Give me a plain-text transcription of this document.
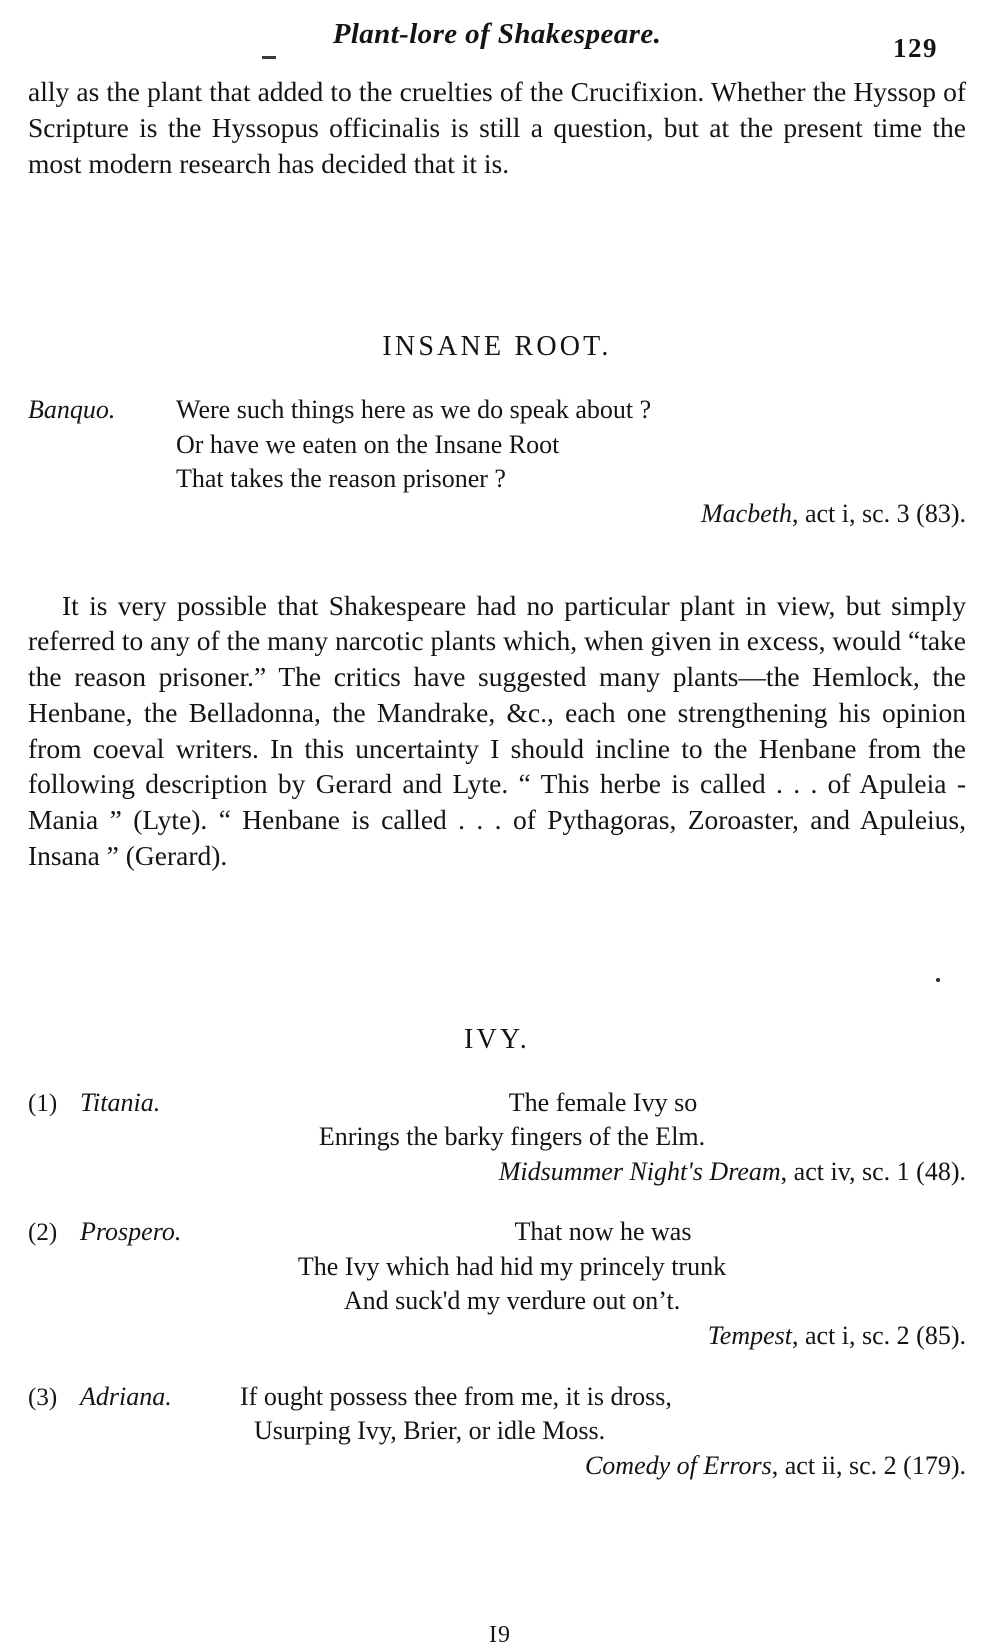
Plant-lore of Shakespeare.	129

ally as the plant that added to the cruelties of the Crucifixion. Whether the Hyssop of Scripture is the Hyssopus officinalis is still a question, but at the present time the most modern research has decided that it is.

INSANE ROOT.
Banquo.	Were such things here as we do speak about ?
Or have we eaten on the Insane Root
That takes the reason prisoner ?
Macbeth, act i, sc. 3 (83).

It is very possible that Shakespeare had no particular plant in view, but simply referred to any of the many narcotic plants which, when given in excess, would “take the reason prisoner.” The critics have suggested many plants—the Hemlock, the Henbane, the Belladonna, the Mandrake, &c., each one strengthening his opinion from coeval writers. In this uncertainty I should incline to the Henbane from the following description by Gerard and Lyte. “ This herbe is called . . . of Apuleia - Mania ” (Lyte). “ Henbane is called . . . of Pythagoras, Zoroaster, and Apuleius, Insana ” (Gerard).

IVY.
(1) Titania.	The female Ivy so
Enrings the barky fingers of the Elm.
Midsummer Night's Dream, act iv, sc. 1 (48).
(2) Prospero.	That now he was
The Ivy which had hid my princely trunk
And suck'd my verdure out on’t.
Tempest, act i, sc. 2 (85).
(3) Adriana.	If ought possess thee from me, it is dross,
Usurping Ivy, Brier, or idle Moss.
Comedy of Errors, act ii, sc. 2 (179).
I9
